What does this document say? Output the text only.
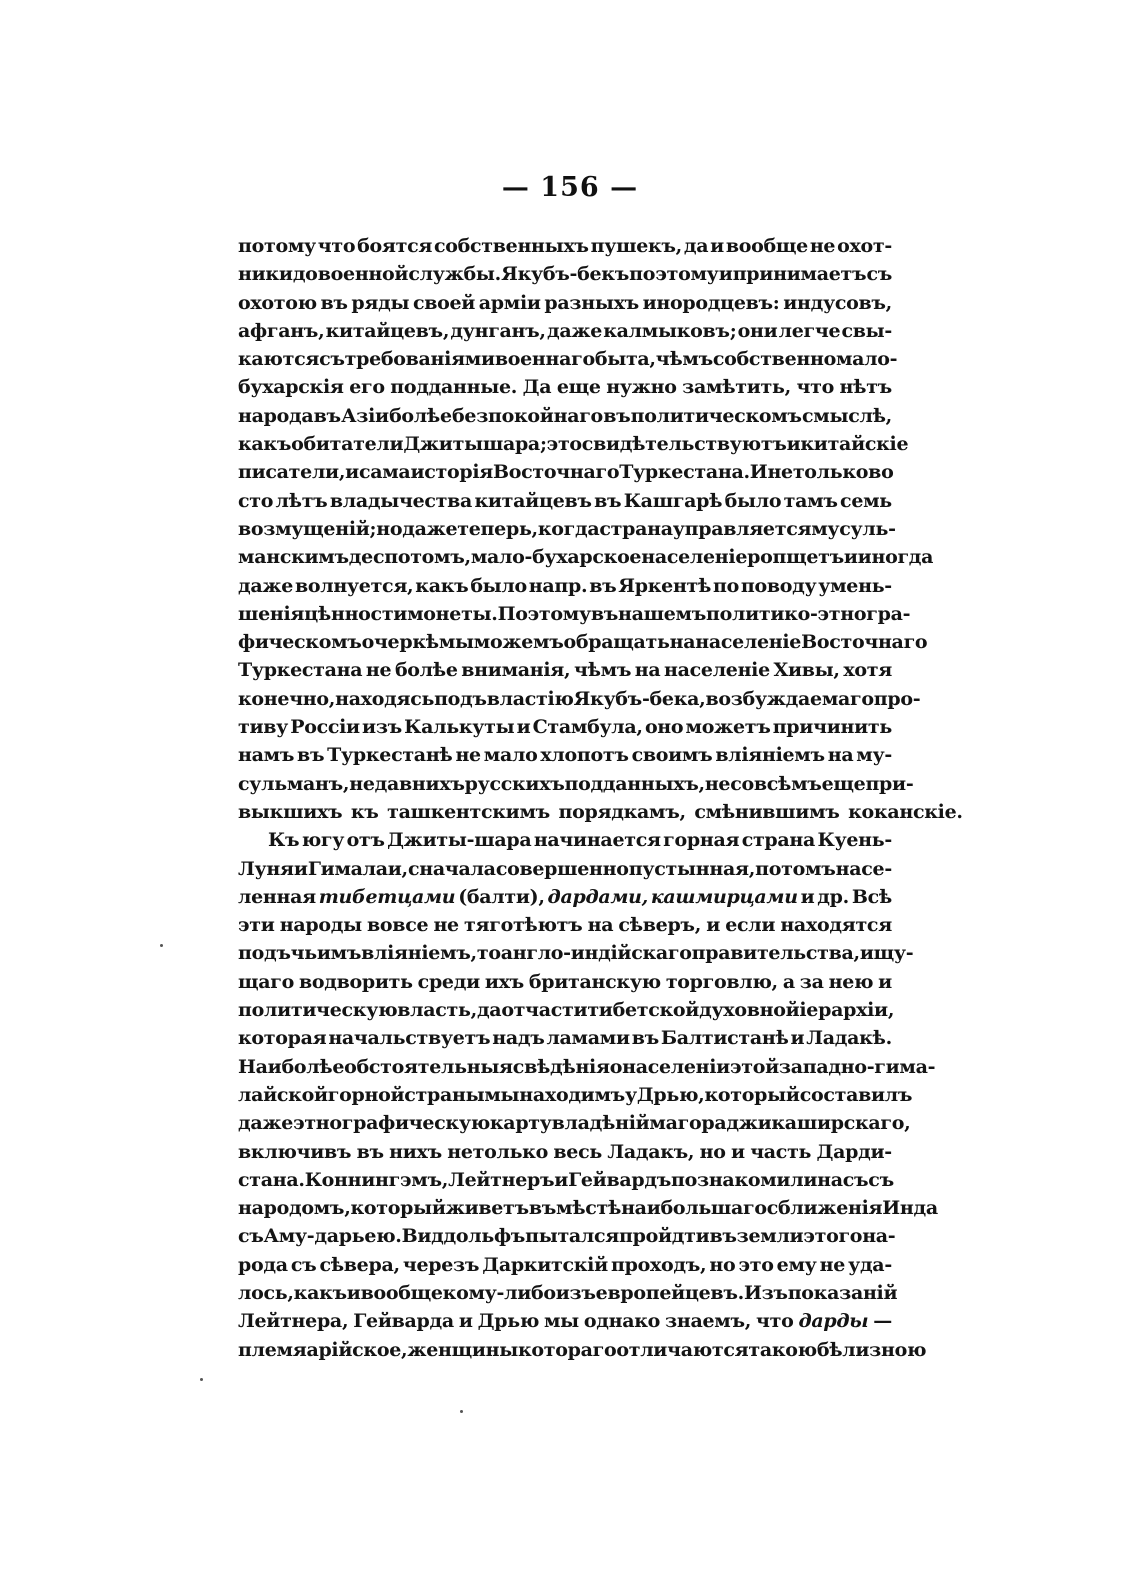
— 156 —
потому что боятся собственныхъ пушекъ, да и вообще не охот-
ники до военной службы. Якубъ-бекъ по этому и принимаетъ съ
охотою въ ряды своей арміи разныхъ инородцевъ: индусовъ,
афганъ, китайцевъ, дунганъ, даже калмыковъ; они легче свы-
каются съ требованіями военнаго быта, чѣмъ собственно мало-
бухарскія его подданные. Да еще нужно замѣтить, что нѣтъ
народа въ Азіи болѣе безпокойнаго въ политическомъ смыслѣ,
какъ обитатели Джитышара; это свидѣтельствуютъ и китайскіе
писатели, и сама исторія Восточнаго Туркестана. И нетолько во
сто лѣтъ владычества китайцевъ въ Кашгарѣ было тамъ семь
возмущеній; но даже теперь, когда страна управляется мусуль-
манскимъ деспотомъ, мало-бухарское населеніе ропщетъ и иногда
даже волнуется, какъ было напр. въ Яркентѣ по поводу умень-
шенія цѣнности монеты. Поэтому въ нашемъ политико-этногра-
фическомъ очеркѣ мы можемъ обращать на населеніе Восточнаго
Туркестана не болѣе вниманія, чѣмъ на населеніе Хивы, хотя
конечно, находясь подъ властію Якубъ-бека, возбуждаемаго про-
тиву Россіи изъ Калькуты и Стамбула, оно можетъ причинить
намъ въ Туркестанѣ не мало хлопотъ своимъ вліяніемъ на му-
сульманъ, недавнихъ русскихъ подданныхъ, не совсѣмъ еще при-
выкшихъ къ ташкентскимъ порядкамъ, смѣнившимъ коканскіе.
Къ югу отъ Джиты-шара начинается горная страна Куень-
Луня и Гималаи, сначала совершенно пустынная, потомъ насе-
ленная тибетцами (балти), дардами, кашмирцами и др. Всѣ
эти народы вовсе не тяготѣютъ на сѣверъ, и если находятся
подъ чьимъ вліяніемъ, то англо-индійскаго правительства, ищу-
щаго водворить среди ихъ британскую торговлю, а за нею и
политическую власть, да отчасти тибетской духовной іерархіи,
которая начальствуетъ надъ ламами въ Балтистанѣ и Ладакѣ.
Наиболѣе обстоятельныя свѣдѣнія о населеніи этой западно-гима-
лайской горной страны мы находимъ у Дрью, который составилъ
даже этнографическую карту владѣній магораджи каширскаго,
включивъ въ нихъ нетолько весь Ладакъ, но и часть Дарди-
стана. Коннингэмъ, Лейтнеръ и Гейвардъ познакомили насъ съ
народомъ, который живетъ въ мѣстѣ наибольшаго сближенія Инда
съ Аму-дарьею. Виддольфъ пытался пройдти въ земли этого на-
рода съ сѣвера, черезъ Даркитскій проходъ, но это ему не уда-
лось, какъ и вообще кому-либо изъ европейцевъ. Изъ показаній
Лейтнера, Гейварда и Дрью мы однако знаемъ, что дарды —
племя арійское, женщины котораго отличаются такою бѣлизною
